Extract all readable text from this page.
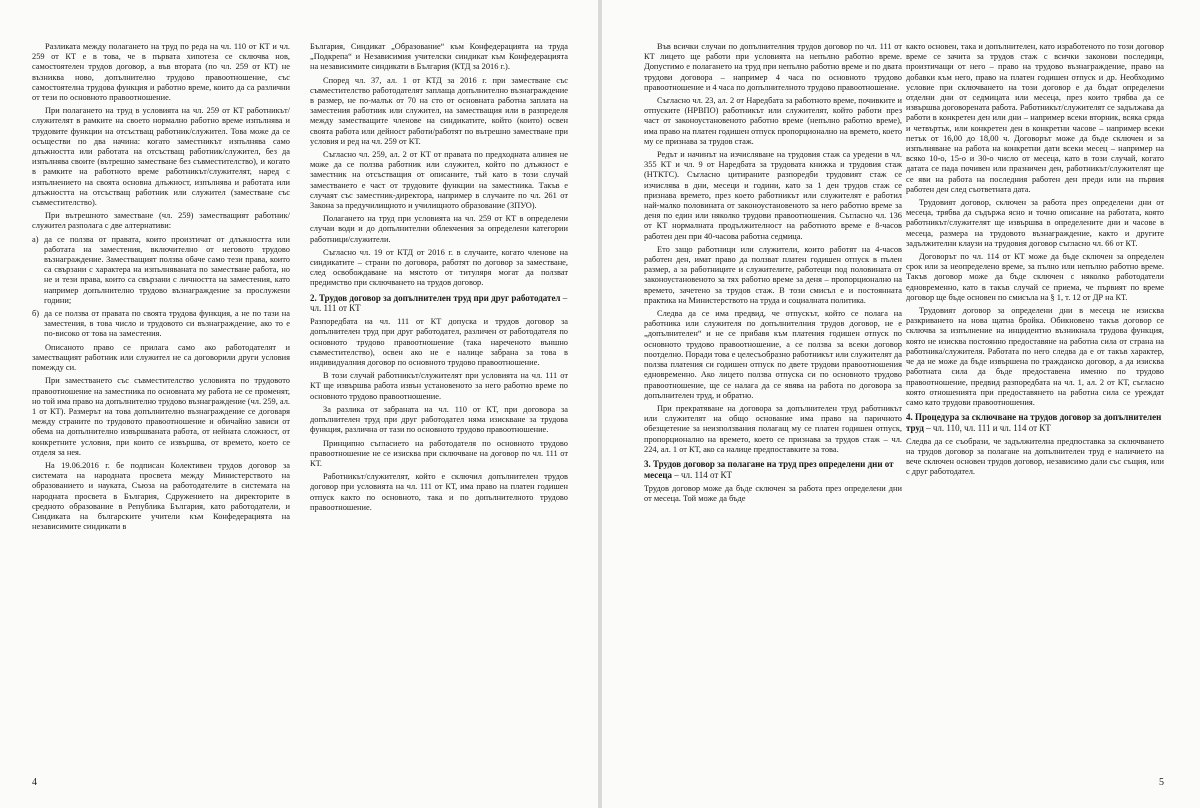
Разликата между полагането на труд по реда на чл. 110 от КТ и чл. 259 от КТ е в това, че в първата хипотеза се сключва нов, самостоятелен трудов договор, а във втората (по чл. 259 от КТ) не възниква ново, допълнително трудово правоотношение, със самостоятелна трудова функция и работно време, които да са различни от тези по основното правоотношение.

При полагането на труд в условията на чл. 259 от КТ работникът/служителят в рамките на своето нормално работно време изпълнява и трудовите функции на отсъстващ работник/служител. Това може да се осъществи по два начина: когато заместникът изпълнява само длъжността или работата на отсъстващ работник/служител, без да изпълнява своите (вътрешно заместване без съвместителство), и когато в рамките на работното време работникът/служителят, наред с изпълнението на своята основна длъжност, изпълнява и работата или длъжността на отсъстващ работник или служител (заместване със съвместителство).

При вътрешното заместване (чл. 259) заместващият работник/служител разполага с две алтернативи:

а) да се ползва от правата, които произтичат от длъжността или работата на заместения, включително от неговото трудово възнаграждение. Заместващият ползва обаче само тези права, които са свързани с характера на изпълняваната по заместване работа, но не и тези права, които са свързани с личността на заместения, като например допълнително трудово възнаграждение за прослужени години;

б) да се ползва от правата по своята трудова функция, а не по тази на заместения, в това число и трудовото си възнаграждение, ако то е по-високо от това на заместения.

Описаното право се прилага само ако работодателят и заместващият работник или служител не са договорили други условия помежду си.

При заместването със съвместителство условията по трудовото правоотношение на заместника по основната му работа не се променят, но той има право на допълнително трудово възнаграждение (чл. 259, ал. 1 от КТ). Размерът на това допълнително възнаграждение се договаря между страните по трудовото правоотношение и обичайно зависи от обема на допълнително извършваната работа, от нейната сложност, от конкретните условия, при които се извършва, от времето, което се отделя за нея.

На 19.06.2016 г. бе подписан Колективен трудов договор за системата на народната просвета между Министерството на образованието и науката, Съюза на работодателите в системата на народната просвета в България, Сдружението на директорите в средното образование в Република България, като работодатели, и Синдиката на българските учители към Конфедерацията на независимите синдикати в

България, Синдикат „Образование“ към Конфедерацията на труда „Подкрепа“ и Независимия учителски синдикат към Конфедерацията на независимите синдикати в България (КТД за 2016 г.).

Според чл. 37, ал. 1 от КТД за 2016 г. при заместване със съвместителство работодателят заплаща допълнително възнаграждение в размер, не по-малък от 70 на сто от основната работна заплата на заместения работник или служител, на заместващия или в разпределя между заместващите членове на синдикатите, който (които) освен своята работа или дейност работи/работят по вътрешно заместване при условия и ред на чл. 259 от КТ.

Съгласно чл. 259, ал. 2 от КТ от правата по предходната алинея не може да се ползва работник или служител, който по длъжност е заместник на отсъстващия от описаните, тъй като в този случай заместването е част от трудовите функции на заместника. Такъв е случаят със заместник-директора, например в случаите по чл. 261 от Закона за предучилищното и училищното образование (ЗПУО).

Полагането на труд при условията на чл. 259 от КТ в определени случаи води и до допълнителни облекчения за определени категории работници/служители.

Съгласно чл. 19 от КТД от 2016 г. в случаите, когато членове на синдикатите – страни по договора, работят по договор за заместване, след освобождаване на мястото от титуляря могат да ползват предимство при сключването на трудов договор.

2. Трудов договор за допълнителен труд при друг работодател – чл. 111 от КТ

Разпоредбата на чл. 111 от КТ допуска и трудов договор за допълнителен труд при друг работодател, различен от работодателя по основното трудово правоотношение (така нареченото външно съвместителство), освен ако не е налице забрана за това в индивидуалния договор по основното трудово правоотношение.

В този случай работникът/служителят при условията на чл. 111 от КТ ще извършва работа извън установеното за него работно време по основното трудово правоотношение.

За разлика от забраната на чл. 110 от КТ, при договора за допълнителен труд при друг работодател няма изискване за трудова функция, различна от тази по основното трудово правоотношение.

Принципно съгласието на работодателя по основното трудово правоотношение не се изисква при сключване на договор по чл. 111 от КТ.

Работникът/служителят, който е сключил допълнителен трудов договор при условията на чл. 111 от КТ, има право на платен годишен отпуск както по основното, така и по допълнителното трудово правоотношение.

4

Във всички случаи по допълнителния трудов договор по чл. 111 от КТ лицето ще работи при условията на непълно работно време. Допустимо е полагането на труд при непълно работно време и по двата трудови договора – например 4 часа по основното трудово правоотношение и 4 часа по допълнителното трудово правоотношение.

Съгласно чл. 23, ал. 2 от Наредбата за работното време, почивките и отпуските (НРВПО) работникът или служителят, който работи през част от законоустановеното работно време (непълно работно време), има право на платен годишен отпуск пропорционално на времето, което му се признава за трудов стаж.

Редът и начинът на изчисляване на трудовия стаж са уредени в чл. 355 КТ и чл. 9 от Наредбата за трудовата книжка и трудовия стаж (НТКТС). Съгласно цитираните разпоредби трудовият стаж се изчислява в дни, месеци и години, като за 1 ден трудов стаж се признава времето, през което работникът или служителят е работил най-малко половината от законоустановеното за него работно време за деня по един или няколко трудови правоотношения. Съгласно чл. 136 от КТ нормалната продължителност на работното време е 8-часов работен ден при 40-часова работна седмица.

Ето защо работници или служители, които работят на 4-часов работен ден, имат право да ползват платен годишен отпуск в пълен размер, а за работниците и служителите, работещи под половината от законоустановеното за тях работно време за деня – пропорционално на времето, зачетено за трудов стаж. В този смисъл е и постоянната практика на Министерството на труда и социалната политика.

Следва да се има предвид, че отпускът, който се полага на работника или служителя по допълнителния трудов договор, не е „допълнителен“ и не се прибавя към платения годишен отпуск по основното трудово правоотношение, а се ползва за всеки договор поотделно. Поради това е целесъобразно работникът или служителят да ползва платения си годишен отпуск по двете трудови правоотношения едновременно. Ако лицето ползва отпуска си по основното трудово правоотношение, ще се налага да се явява на работа по договора за допълнителен труд, и обратно.

При прекратяване на договора за допълнителен труд работникът или служителят на общо основание има право на паричното обезщетение за неизползвания полагащ му се платен годишен отпуск, пропорционално на времето, което се признава за трудов стаж – чл. 224, ал. 1 от КТ, ако са налице предпоставките за това.

3. Трудов договор за полагане на труд през определени дни от месеца – чл. 114 от КТ

Трудов договор може да бъде сключен за работа през определени дни от месеца. Той може да бъде

както основен, така и допълнителен, като изработеното по този договор време се зачита за трудов стаж с всички законови последици, произтичащи от него – право на трудово възнаграждение, право на добавки към него, право на платен годишен отпуск и др. Необходимо условие при сключването на този договор е да бъдат определени отделни дни от седмицата или месеца, през които трябва да се извършва договорената работа. Работникът/служителят се задължава да работи в конкретен ден или дни – например всеки вторник, всяка сряда и четвъртък, или конкретен ден в конкретни часове – например всеки петък от 16,00 до 18,00 ч. Договорът може да бъде сключен и за изпълняване на работа на конкретни дати всеки месец – например на всяко 10-о, 15-о и 30-о число от месеца, като в този случай, когато датата се пада почивен или празничен ден, работникът/служителят ще се яви на работа на последния работен ден преди или на първия работен ден след съответната дата.

Трудовият договор, сключен за работа през определени дни от месеца, трябва да съдържа ясно и точно описание на работата, която работникът/служителят ще извършва в определените дни и часове в месеца, размера на трудовото възнаграждение, както и другите задължителни клаузи на трудовия договор съгласно чл. 66 от КТ.

Договорът по чл. 114 от КТ може да бъде сключен за определен срок или за неопределено време, за пълно или непълно работно време. Такъв договор може да бъде сключен с няколко работодатели едновременно, като в такъв случай се приема, че първият по време договор ще бъде основен по смисъла на § 1, т. 12 от ДР на КТ.

Трудовият договор за определени дни в месеца не изисква разкриването на нова щатна бройка. Обикновено такъв договор се сключва за изпълнение на инцидентно възникнала трудова функция, която не изисква постоянно предоставяне на работна сила от страна на работника/служителя. Работата по него следва да е от такъв характер, че да не може да бъде извършена по гражданско договор, а да изисква работната сила да бъде предоставена именно по трудово правоотношение, предвид разпоредбата на чл. 1, ал. 2 от КТ, съгласно която отношенията при предоставянето на работна сила се уреждат само като трудови правоотношения.

4. Процедура за сключване на трудов договор за допълнителен труд – чл. 110, чл. 111 и чл. 114 от КТ

Следва да се съобрази, че задължителна предпоставка за сключването на трудов договор за полагане на допълнителен труд е наличието на вече сключен основен трудов договор, независимо дали със същия, или с друг работодател.

5
